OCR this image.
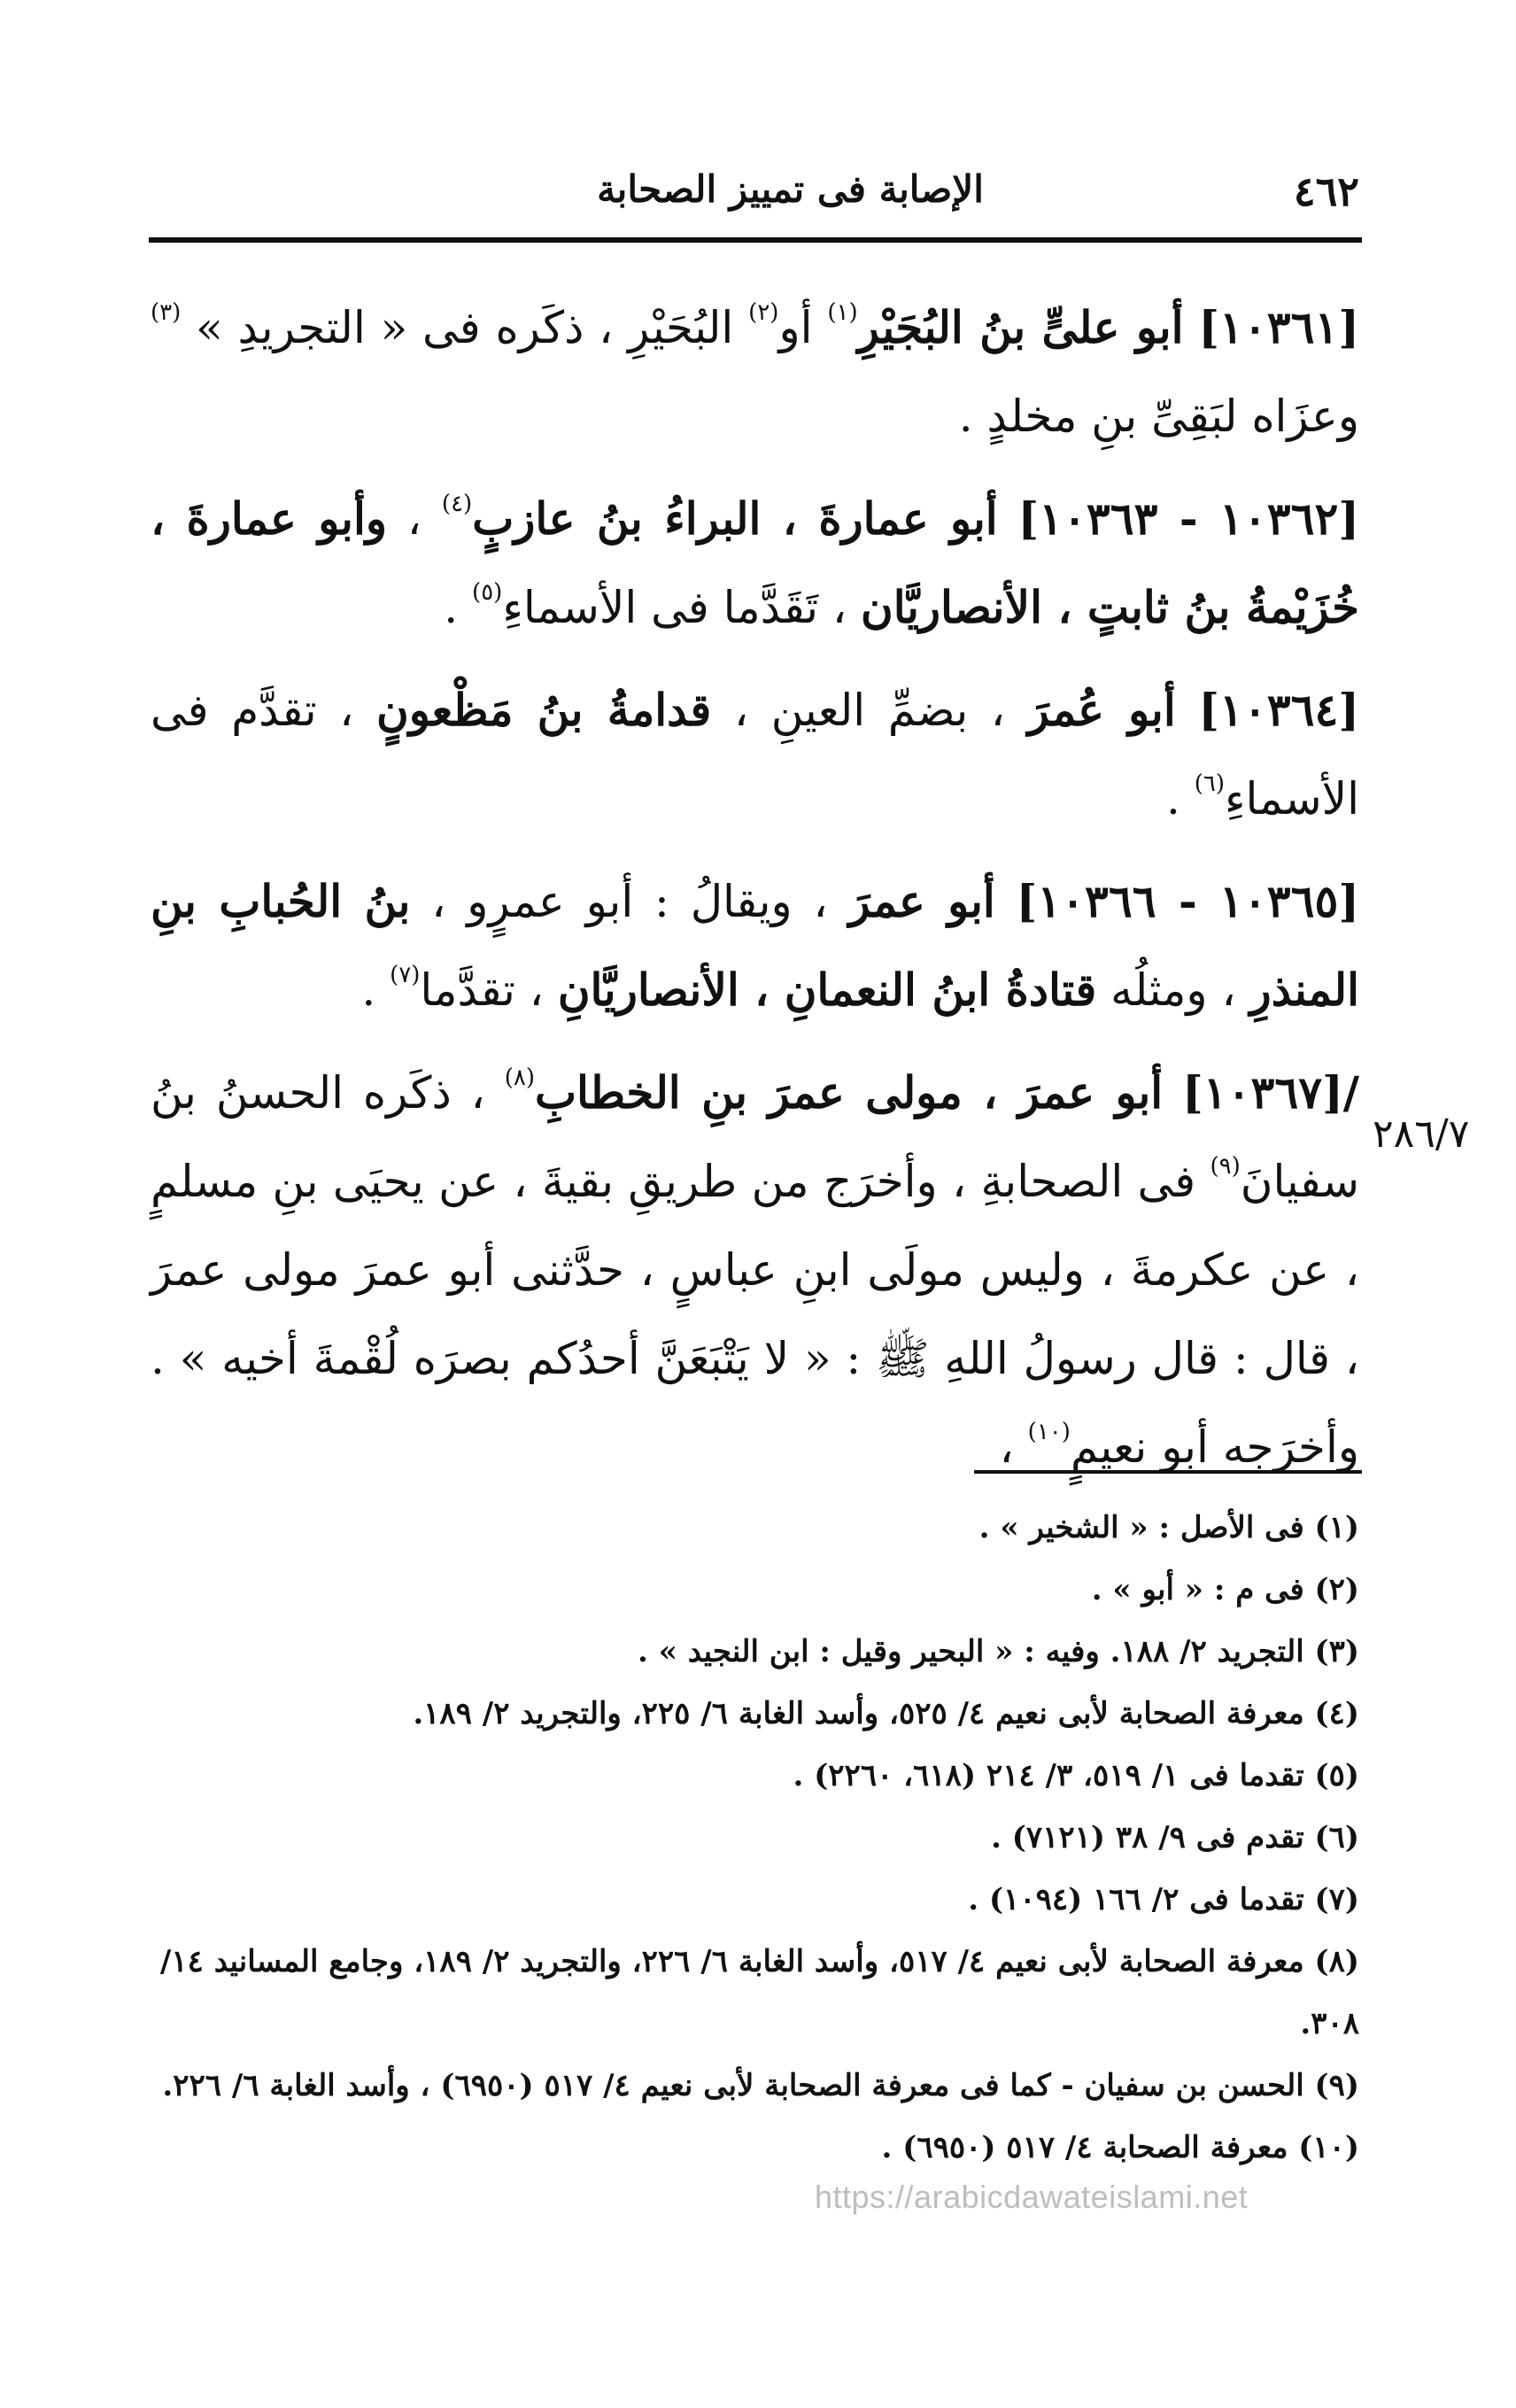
٤٦٢
الإصابة فى تمييز الصحابة
٢٨٦/٧

[١٠٣٦١] أبو علىٍّ بنُ البُجَيْرِ$^{(١)}$ أو$^{(٢)}$ البُحَيْرِ ، ذكَره فى « التجريدِ » $^{(٣)}$ وعزَاه لبَقِىِّ بنِ مخلدٍ .

[١٠٣٦٢ - ١٠٣٦٣] أبو عمارةَ ، البراءُ بنُ عازبٍ$^{(٤)}$ ، وأبو عمارةَ ، خُزَيْمةُ بنُ ثابتٍ ، الأنصاريَّان ، تَقَدَّما فى الأسماءِ$^{(٥)}$ .

[١٠٣٦٤] أبو عُمرَ ، بضمِّ العينِ ، قدامةُ بنُ مَظْعونٍ ، تقدَّم فى الأسماءِ$^{(٦)}$ .

[١٠٣٦٥ - ١٠٣٦٦] أبو عمرَ ، ويقالُ : أبو عمرٍو ، بنُ الحُبابِ بنِ المنذرِ ، ومثلُه قتادةُ ابنُ النعمانِ ، الأنصاريَّانِ ، تقدَّما$^{(٧)}$ .

/[١٠٣٦٧] أبو عمرَ ، مولى عمرَ بنِ الخطابِ$^{(٨)}$ ، ذكَره الحسنُ بنُ سفيانَ$^{(٩)}$ فى الصحابةِ ، وأخرَج من طريقِ بقيةَ ، عن يحيَى بنِ مسلمٍ ، عن عكرمةَ ، وليس مولَى ابنِ عباسٍ ، حدَّثنى أبو عمرَ مولى عمرَ ، قال : قال رسولُ اللهِ ﷺ : « لا يَتْبَعَنَّ أحدُكم بصرَه لُقْمةَ أخيه » . وأخرَجه أبو نعيمٍ$^{(١٠)}$ ،

(١) فى الأصل : « الشخير » .

(٢) فى م : « أبو » .

(٣) التجريد ٢/ ١٨٨. وفيه : « البحير وقيل : ابن النجيد » .

(٤) معرفة الصحابة لأبى نعيم ٤/ ٥٢٥، وأسد الغابة ٦/ ٢٢٥، والتجريد ٢/ ١٨٩.

(٥) تقدما فى ١/ ٥١٩، ٣/ ٢١٤ (٦١٨، ٢٢٦٠) .

(٦) تقدم فى ٩/ ٣٨ (٧١٢١) .

(٧) تقدما فى ٢/ ١٦٦ (١٠٩٤) .

(٨) معرفة الصحابة لأبى نعيم ٤/ ٥١٧، وأسد الغابة ٦/ ٢٢٦، والتجريد ٢/ ١٨٩، وجامع المسانيد ١٤/ ٣٠٨.

(٩) الحسن بن سفيان - كما فى معرفة الصحابة لأبى نعيم ٤/ ٥١٧ (٦٩٥٠) ، وأسد الغابة ٦/ ٢٢٦.

(١٠) معرفة الصحابة ٤/ ٥١٧ (٦٩٥٠) .

https://arabicdawateislami.net
